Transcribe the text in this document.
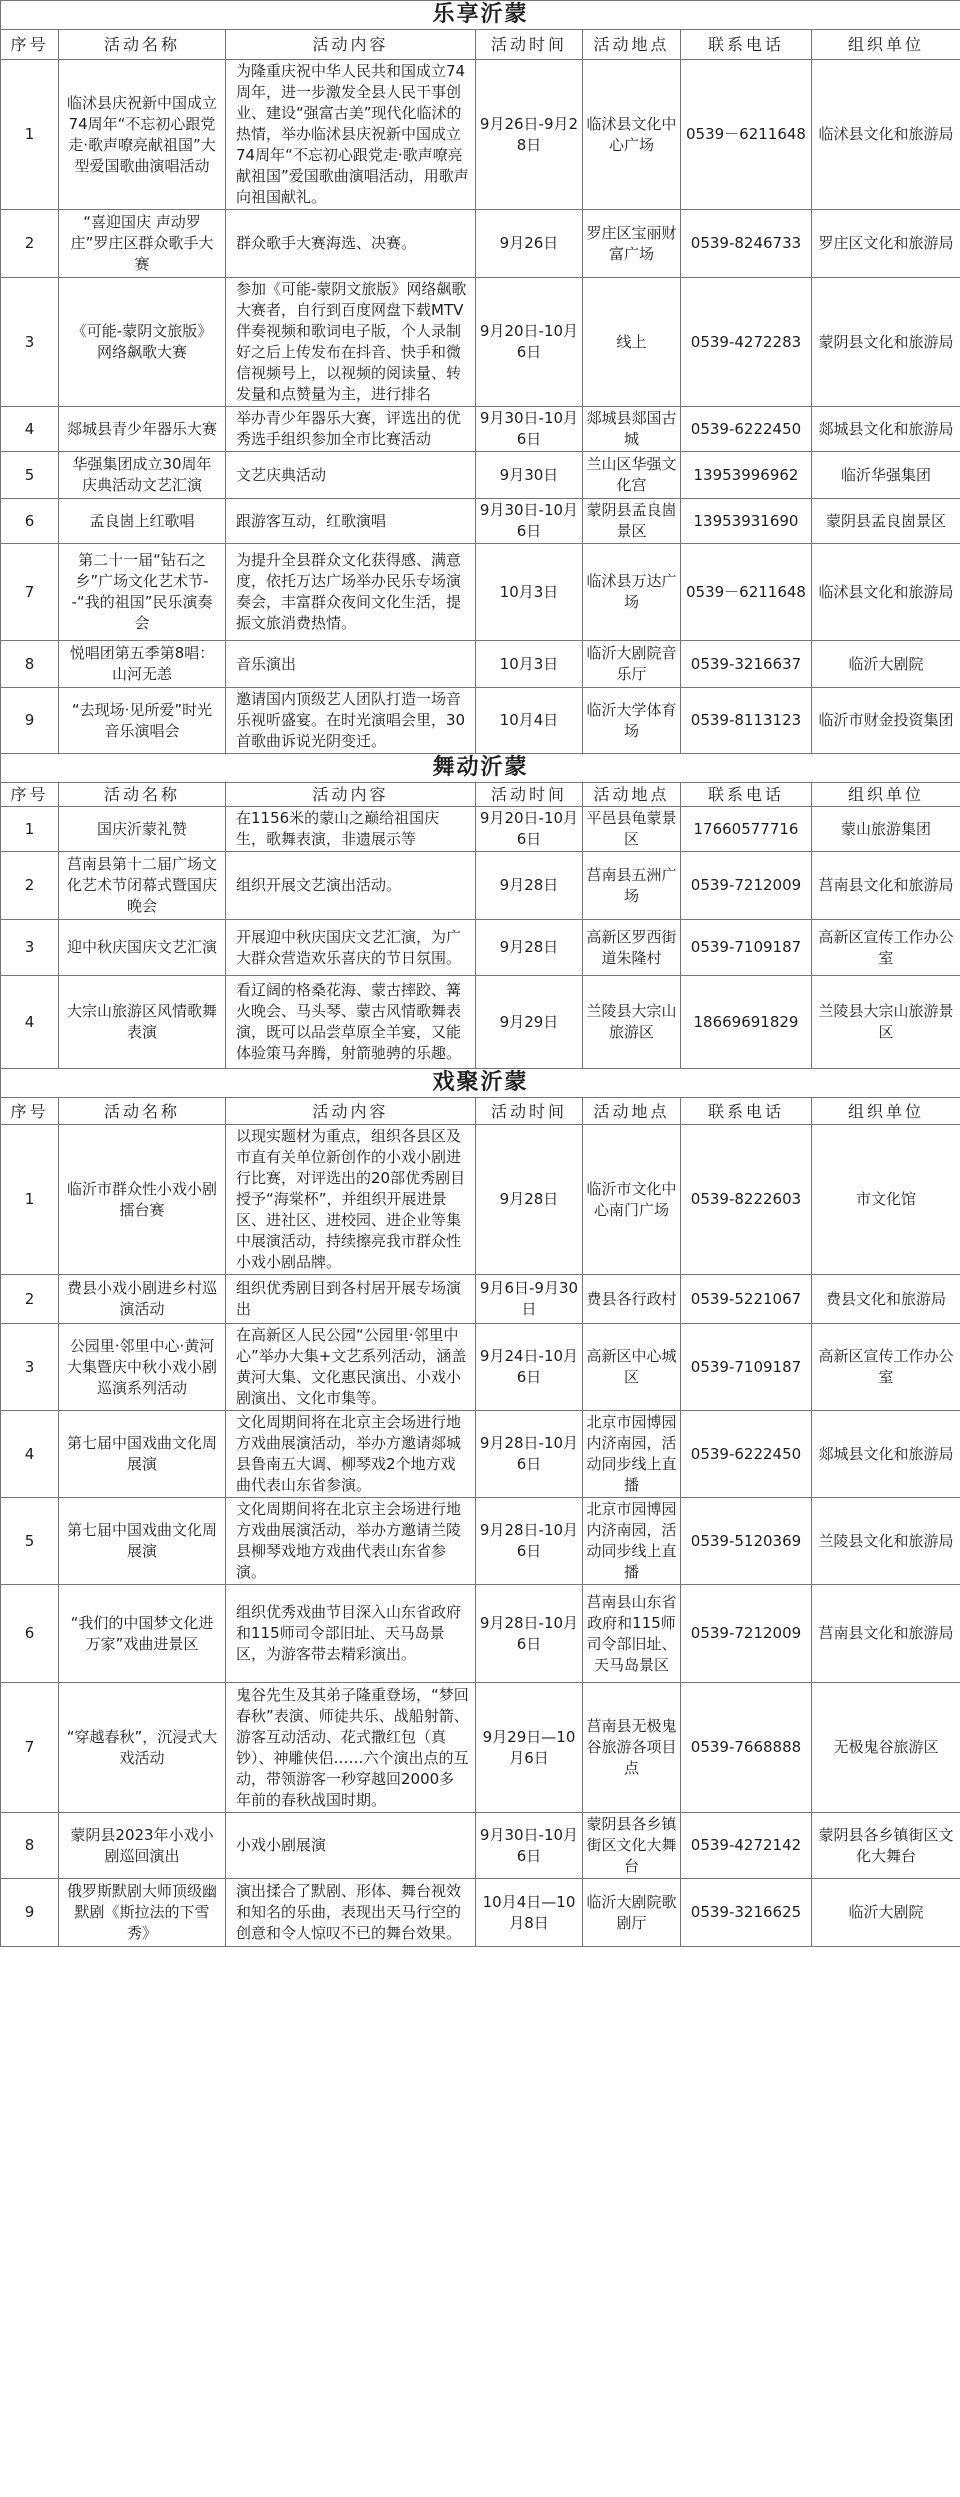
乐享沂蒙						
序号	活动名称	活动内容	活动时间	活动地点	联系电话	组织单位
1	临沭县庆祝新中国成立74周年“不忘初心跟党走·歌声嘹亮献祖国”大型爱国歌曲演唱活动	为隆重庆祝中华人民共和国成立74周年，进一步激发全县人民干事创业、建设“强富古美”现代化临沭的热情，举办临沭县庆祝新中国成立74周年“不忘初心跟党走·歌声嘹亮献祖国”爱国歌曲演唱活动，用歌声向祖国献礼。	9月26日-9月28日	临沭县文化中心广场	0539－6211648	临沭县文化和旅游局
2	“喜迎国庆 声动罗庄”罗庄区群众歌手大赛	群众歌手大赛海选、决赛。	9月26日	罗庄区宝丽财富广场	0539-8246733	罗庄区文化和旅游局
3	《可能-蒙阴文旅版》网络飙歌大赛	参加《可能-蒙阴文旅版》网络飙歌大赛者，自行到百度网盘下载MTV伴奏视频和歌词电子版，个人录制好之后上传发布在抖音、快手和微信视频号上，以视频的阅读量、转发量和点赞量为主，进行排名	9月20日-10月6日	线上	0539-4272283	蒙阴县文化和旅游局
4	郯城县青少年器乐大赛	举办青少年器乐大赛，评选出的优秀选手组织参加全市比赛活动	9月30日-10月6日	郯城县郯国古城	0539-6222450	郯城县文化和旅游局
5	华强集团成立30周年庆典活动文艺汇演	文艺庆典活动	9月30日	兰山区华强文化宫	13953996962	临沂华强集团
6	孟良崮上红歌唱	跟游客互动，红歌演唱	9月30日-10月6日	蒙阴县孟良崮景区	13953931690	蒙阴县孟良崮景区
7	第二十一届“钻石之乡”广场文化艺术节--“我的祖国”民乐演奏会	为提升全县群众文化获得感、满意度，依托万达广场举办民乐专场演奏会，丰富群众夜间文化生活，提振文旅消费热情。	10月3日	临沭县万达广场	0539－6211648	临沭县文化和旅游局
8	悦唱团第五季第8唱：山河无恙	音乐演出	10月3日	临沂大剧院音乐厅	0539-3216637	临沂大剧院
9	“去现场·见所爱”时光音乐演唱会	邀请国内顶级艺人团队打造一场音乐视听盛宴。在时光演唱会里，30首歌曲诉说光阴变迁。	10月4日	临沂大学体育场	0539-8113123	临沂市财金投资集团
舞动沂蒙						
序号	活动名称	活动内容	活动时间	活动地点	联系电话	组织单位
1	国庆沂蒙礼赞	在1156米的蒙山之巅给祖国庆生，歌舞表演，非遗展示等	9月20日-10月6日	平邑县龟蒙景区	17660577716	蒙山旅游集团
2	莒南县第十二届广场文化艺术节闭幕式暨国庆晚会	组织开展文艺演出活动。	9月28日	莒南县五洲广场	0539-7212009	莒南县文化和旅游局
3	迎中秋庆国庆文艺汇演	开展迎中秋庆国庆文艺汇演，为广大群众营造欢乐喜庆的节日氛围。	9月28日	高新区罗西街道朱隆村	0539-7109187	高新区宣传工作办公室
4	大宗山旅游区风情歌舞表演	看辽阔的格桑花海、蒙古摔跤、篝火晚会、马头琴、蒙古风情歌舞表演，既可以品尝草原全羊宴，又能体验策马奔腾，射箭驰骋的乐趣。	9月29日	兰陵县大宗山旅游区	18669691829	兰陵县大宗山旅游景区
戏聚沂蒙						
序号	活动名称	活动内容	活动时间	活动地点	联系电话	组织单位
1	临沂市群众性小戏小剧擂台赛	以现实题材为重点，组织各县区及市直有关单位新创作的小戏小剧进行比赛，对评选出的20部优秀剧目授予“海棠杯”，并组织开展进景区、进社区、进校园、进企业等集中展演活动，持续擦亮我市群众性小戏小剧品牌。	9月28日	临沂市文化中心南门广场	0539-8222603	市文化馆
2	费县小戏小剧进乡村巡演活动	组织优秀剧目到各村居开展专场演出	9月6日-9月30日	费县各行政村	0539-5221067	费县文化和旅游局
3	公园里·邻里中心·黄河大集暨庆中秋小戏小剧巡演系列活动	在高新区人民公园“公园里·邻里中心”举办大集+文艺系列活动，涵盖黄河大集、文化惠民演出、小戏小剧演出、文化市集等。	9月24日-10月6日	高新区中心城区	0539-7109187	高新区宣传工作办公室
4	第七届中国戏曲文化周展演	文化周期间将在北京主会场进行地方戏曲展演活动，举办方邀请郯城县鲁南五大调、柳琴戏2个地方戏曲代表山东省参演。	9月28日-10月6日	北京市园博园内济南园，活动同步线上直播	0539-6222450	郯城县文化和旅游局
5	第七届中国戏曲文化周展演	文化周期间将在北京主会场进行地方戏曲展演活动，举办方邀请兰陵县柳琴戏地方戏曲代表山东省参演。	9月28日-10月6日	北京市园博园内济南园，活动同步线上直播	0539-5120369	兰陵县文化和旅游局
6	“我们的中国梦文化进万家”戏曲进景区	组织优秀戏曲节目深入山东省政府和115师司令部旧址、天马岛景区，为游客带去精彩演出。	9月28日-10月6日	莒南县山东省政府和115师司令部旧址、天马岛景区	0539-7212009	莒南县文化和旅游局
7	“穿越春秋”，沉浸式大戏活动	鬼谷先生及其弟子隆重登场，“梦回春秋”表演、师徒共乐、战船射箭、游客互动活动、花式撒红包（真钞）、神雕侠侣……六个演出点的互动，带领游客一秒穿越回2000多年前的春秋战国时期。	9月29日—10月6日	莒南县无极鬼谷旅游各项目点	0539-7668888	无极鬼谷旅游区
8	蒙阴县2023年小戏小剧巡回演出	小戏小剧展演	9月30日-10月6日	蒙阴县各乡镇街区文化大舞台	0539-4272142	蒙阴县各乡镇街区文化大舞台
9	俄罗斯默剧大师顶级幽默剧《斯拉法的下雪秀》	演出揉合了默剧、形体、舞台视效和知名的乐曲，表现出天马行空的创意和令人惊叹不已的舞台效果。	10月4日—10月8日	临沂大剧院歌剧厅	0539-3216625	临沂大剧院
